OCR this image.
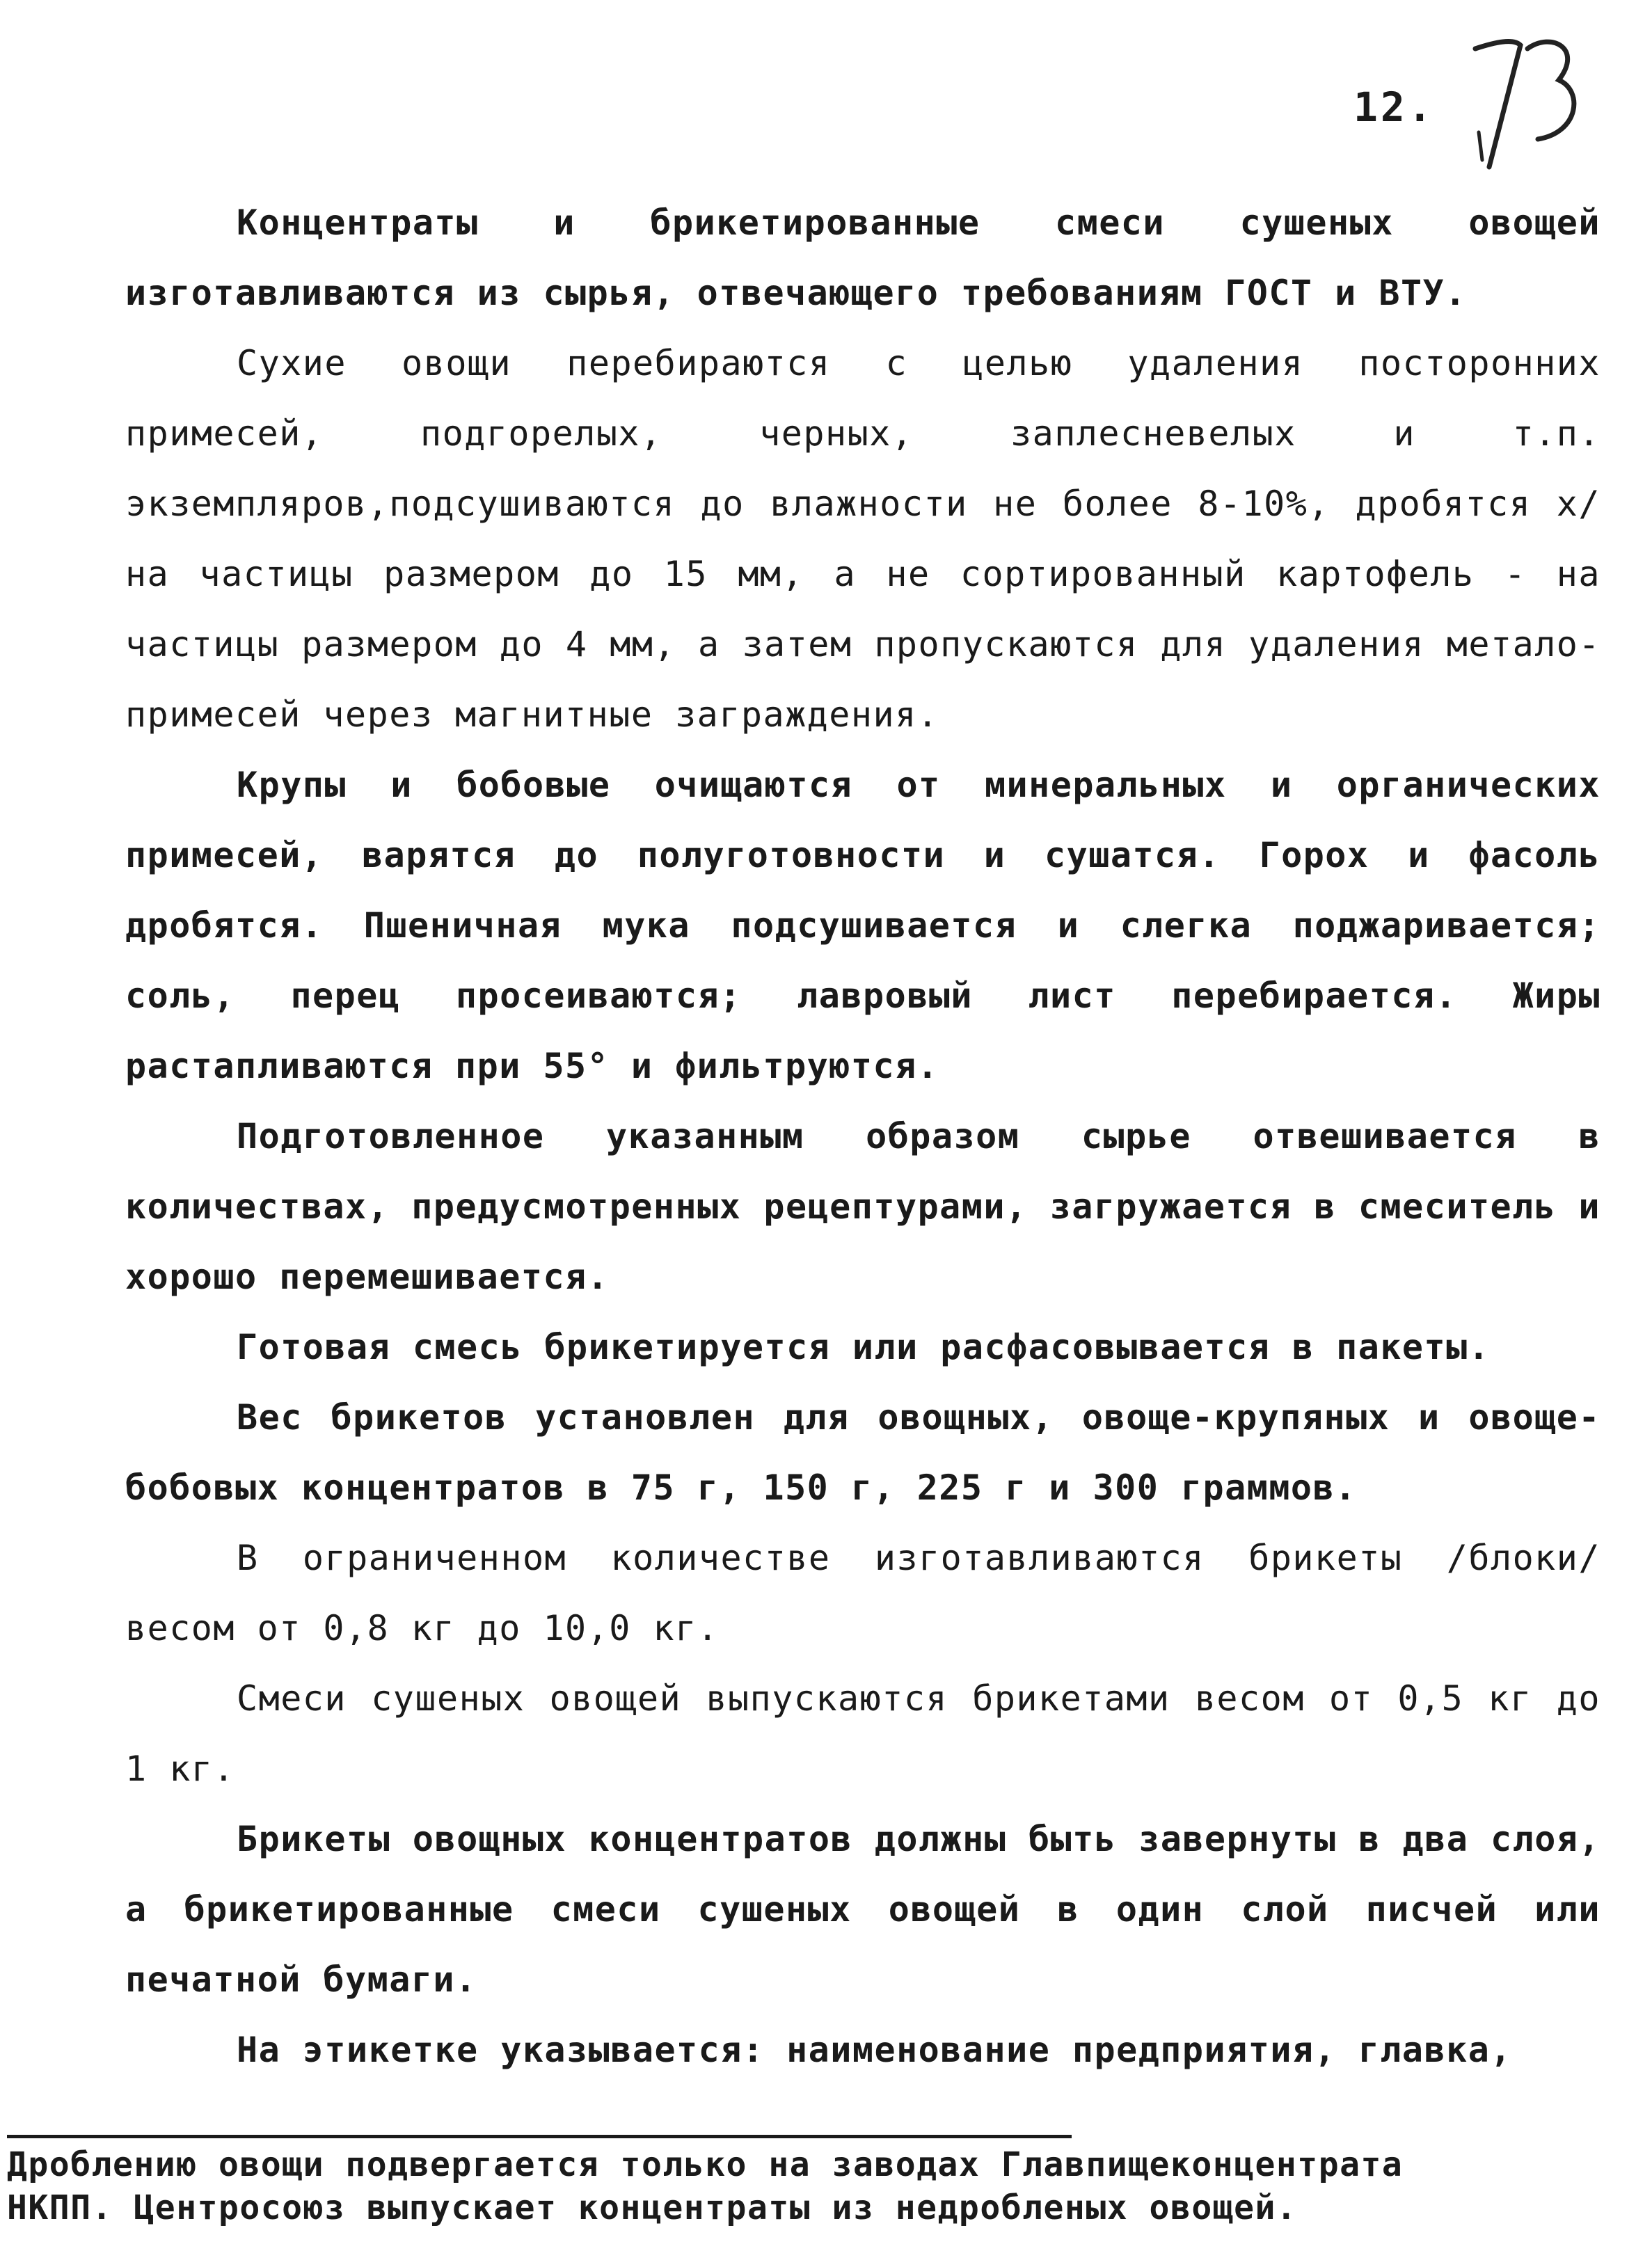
12.

Концентраты и брикетированные смеси сушеных овощей изготавливаются из сырья, отвечающего требованиям ГОСТ и ВТУ.

Сухие овощи перебираются с целью удаления посторонних примесей, подгорелых, черных, заплесневелых и т.п. экземпляров,подсушиваются до влажности не более 8-10%, дробятся x/ на частицы размером до 15 мм, а не сортированный картофель - на частицы размером до 4 мм, а затем пропускаются для удаления метало-примесей через магнитные заграждения.

Крупы и бобовые очищаются от минеральных и органических примесей, варятся до полуготовности и сушатся. Горох и фасоль дробятся. Пшеничная мука подсушивается и слегка поджаривается; соль, перец просеиваются; лавровый лист перебирается. Жиры растапливаются при 55° и фильтруются.

Подготовленное указанным образом сырье отвешивается в количествах, предусмотренных рецептурами, загружается в смеситель и хорошо перемешивается.

Готовая смесь брикетируется или расфасовывается в пакеты.

Вес брикетов установлен для овощных, овоще-крупяных и овоще-бобовых концентратов в 75 г, 150 г, 225 г и 300 граммов.

В ограниченном количестве изготавливаются брикеты /блоки/ весом от 0,8 кг до 10,0 кг.

Смеси сушеных овощей выпускаются брикетами весом от 0,5 кг до 1 кг.

Брикеты овощных концентратов должны быть завернуты в два слоя, а брикетированные смеси сушеных овощей в один слой писчей или печатной бумаги.

На этикетке указывается: наименование предприятия, главка,

Дроблению овощи подвергается только на заводах Главпищеконцентрата

НКПП. Центросоюз выпускает концентраты из недробленых овощей.
